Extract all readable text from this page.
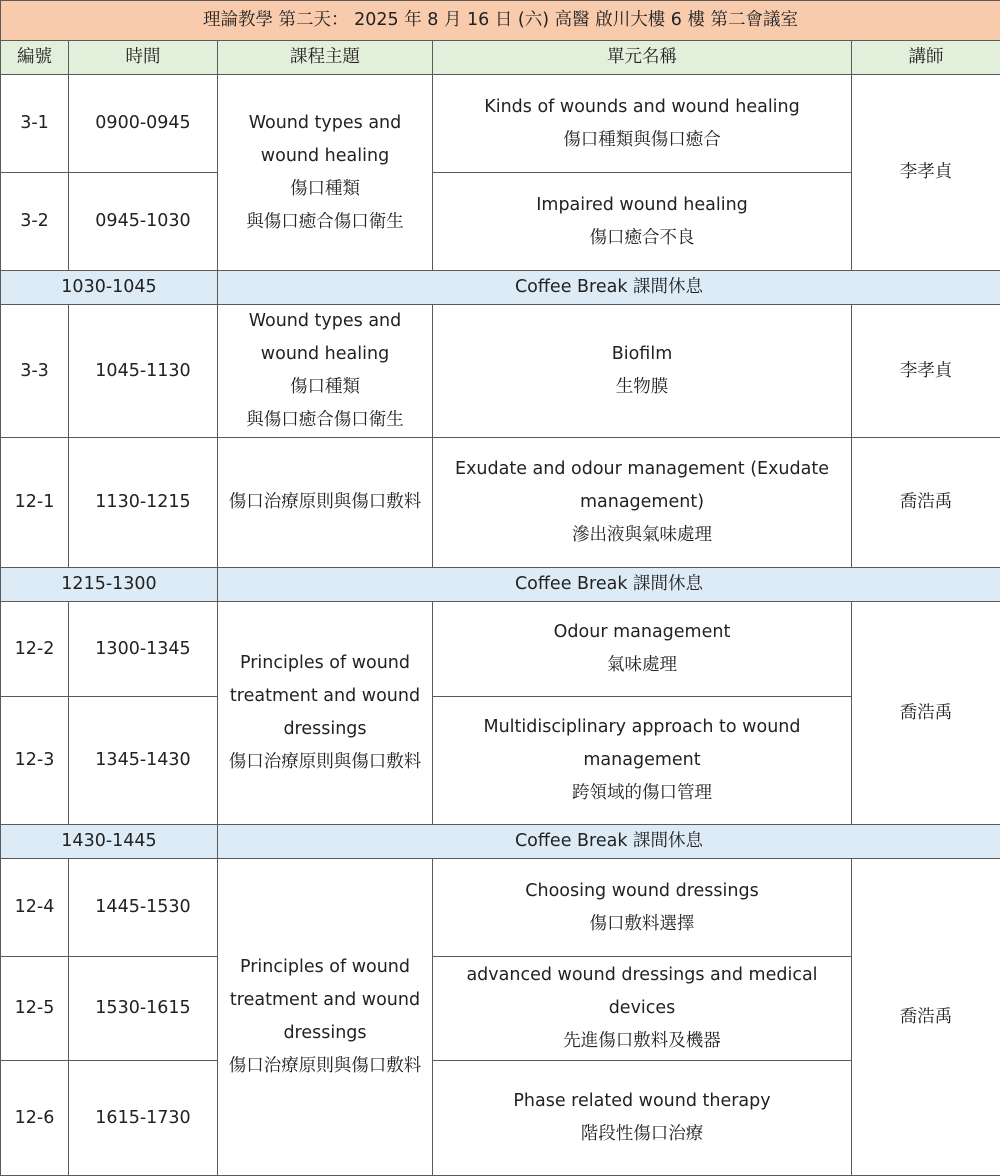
理論教學 第二天： 2025 年 8 月 16 日 (六) 高醫 啟川大樓 6 樓 第二會議室				
編號	時間	課程主題	單元名稱	講師
3-1	0900-0945	Wound types and
wound healing
傷口種類
與傷口癒合傷口衛生	Kinds of wounds and wound healing
傷口種類與傷口癒合	李孝貞
3-2	0945-1030		Impaired wound healing
傷口癒合不良	

1030-1045		Coffee Break 課間休息		
3-3	1045-1130	Wound types and
wound healing
傷口種類
與傷口癒合傷口衛生	Biofilm
生物膜	李孝貞
12-1	1130-1215	傷口治療原則與傷口敷料	Exudate and odour management (Exudate
management)
滲出液與氣味處理	喬浩禹
1215-1300		Coffee Break 課間休息		
12-2	1300-1345	Principles of wound
treatment and wound
dressings
傷口治療原則與傷口敷料	Odour management
氣味處理	喬浩禹
12-3	1345-1430		Multidisciplinary approach to wound
management
跨領域的傷口管理	

1430-1445		Coffee Break 課間休息		
12-4	1445-1530	Principles of wound
treatment and wound
dressings
傷口治療原則與傷口敷料	Choosing wound dressings
傷口敷料選擇	喬浩禹
12-5	1530-1615		advanced wound dressings and medical
devices
先進傷口敷料及機器	

12-6	1615-1730		Phase related wound therapy
階段性傷口治療	
